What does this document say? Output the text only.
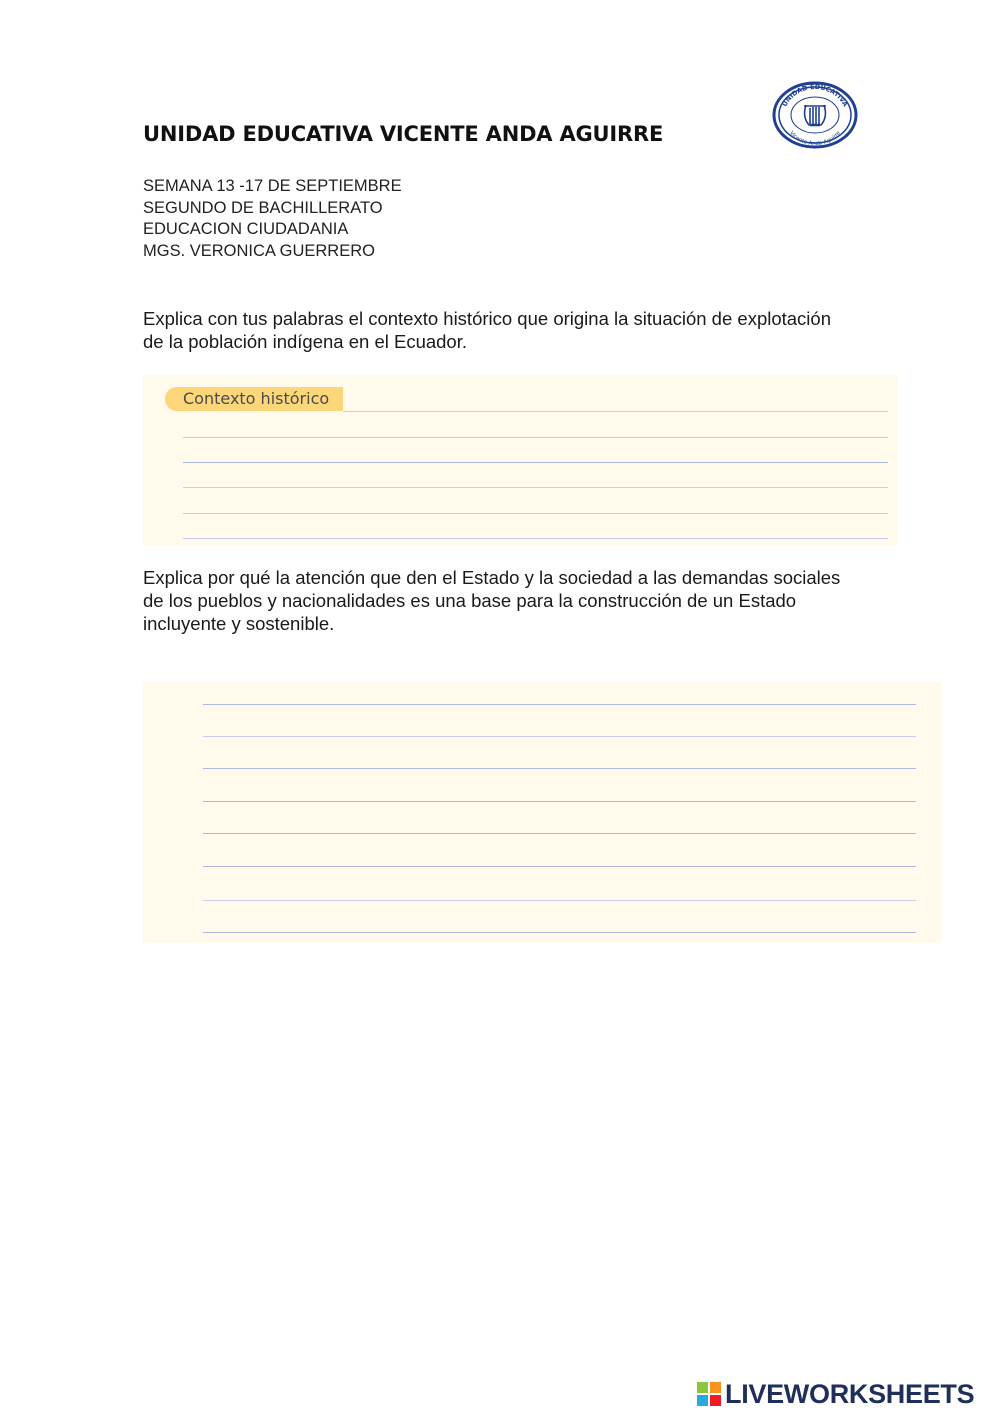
UNIDAD EDUCATIVA
Vicente Anda Aguirre
UNIDAD EDUCATIVA VICENTE ANDA AGUIRRE
SEMANA 13 -17 DE SEPTIEMBRE
SEGUNDO DE BACHILLERATO
EDUCACION CIUDADANIA
MGS. VERONICA GUERRERO
Explica con tus palabras el contexto histórico que origina la situación de explotación de la población indígena en el Ecuador.
Contexto histórico
Explica por qué la atención que den el Estado y la sociedad a las demandas sociales de los pueblos y nacionalidades es una base para la construcción de un Estado incluyente y sostenible.
LIVEWORKSHEETS
